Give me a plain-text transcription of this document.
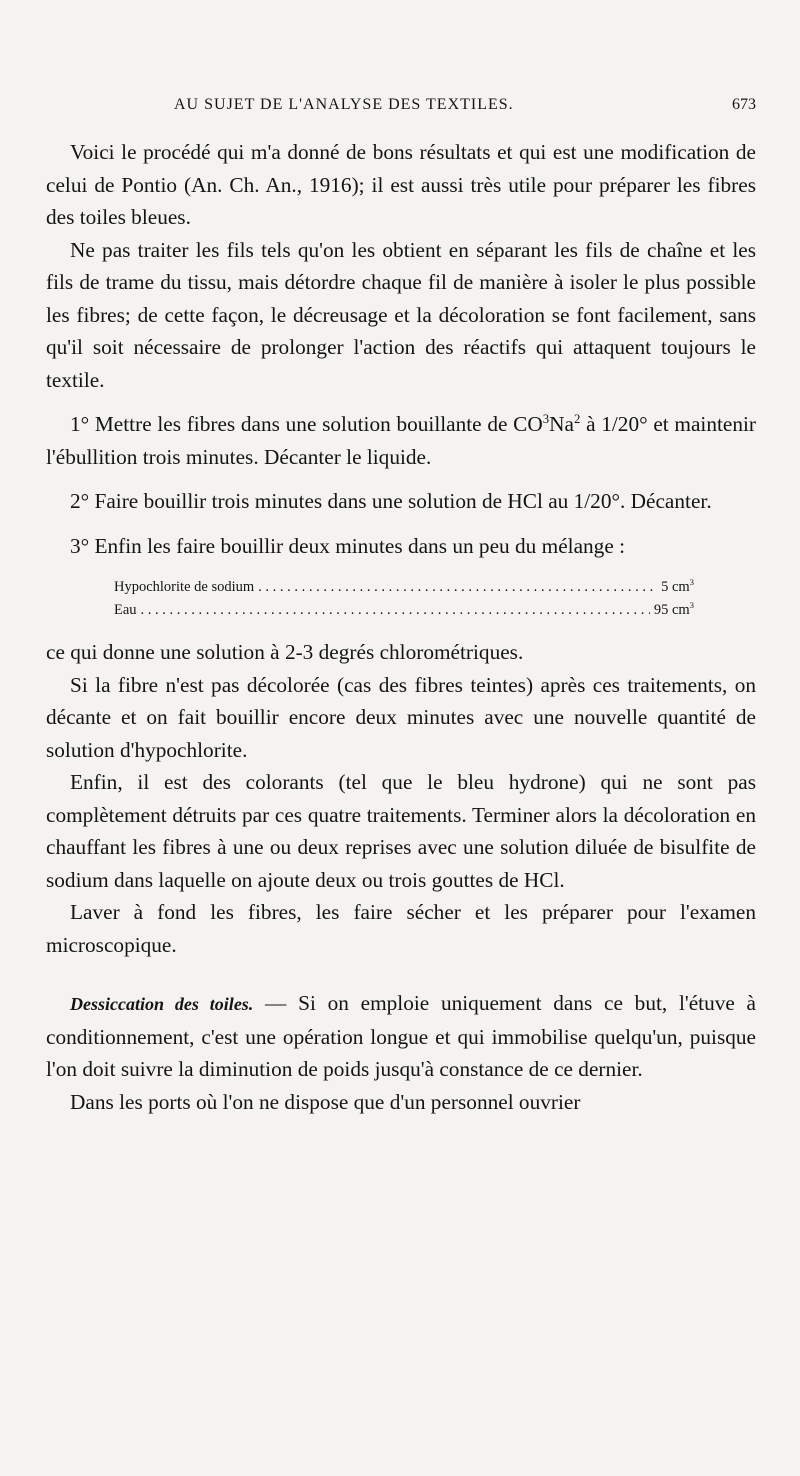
AU SUJET DE L'ANALYSE DES TEXTILES.	673

Voici le procédé qui m'a donné de bons résultats et qui est une modification de celui de Pontio (An. Ch. An., 1916); il est aussi très utile pour préparer les fibres des toiles bleues.

Ne pas traiter les fils tels qu'on les obtient en séparant les fils de chaîne et les fils de trame du tissu, mais détordre chaque fil de manière à isoler le plus possible les fibres; de cette façon, le décreusage et la décoloration se font facilement, sans qu'il soit nécessaire de prolonger l'action des réactifs qui attaquent toujours le textile.

1° Mettre les fibres dans une solution bouillante de $CO^3Na^2$ à 1/20° et maintenir l'ébullition trois minutes. Décanter le liquide.

2° Faire bouillir trois minutes dans une solution de HCl au 1/20°. Décanter.

3° Enfin les faire bouillir deux minutes dans un peu du mélange :

Hypochlorite de sodium . . .	5 $cm^3$
Eau . . .	95 $cm^3$

ce qui donne une solution à 2-3 degrés chlorométriques.

Si la fibre n'est pas décolorée (cas des fibres teintes) après ces traitements, on décante et on fait bouillir encore deux minutes avec une nouvelle quantité de solution d'hypochlorite.

Enfin, il est des colorants (tel que le bleu hydrone) qui ne sont pas complètement détruits par ces quatre traitements. Terminer alors la décoloration en chauffant les fibres à une ou deux reprises avec une solution diluée de bisulfite de sodium dans laquelle on ajoute deux ou trois gouttes de HCl.

Laver à fond les fibres, les faire sécher et les préparer pour l'examen microscopique.

Dessiccation des toiles. — Si on emploie uniquement dans ce but, l'étuve à conditionnement, c'est une opération longue et qui immobilise quelqu'un, puisque l'on doit suivre la diminution de poids jusqu'à constance de ce dernier.

Dans les ports où l'on ne dispose que d'un personnel ouvrier
